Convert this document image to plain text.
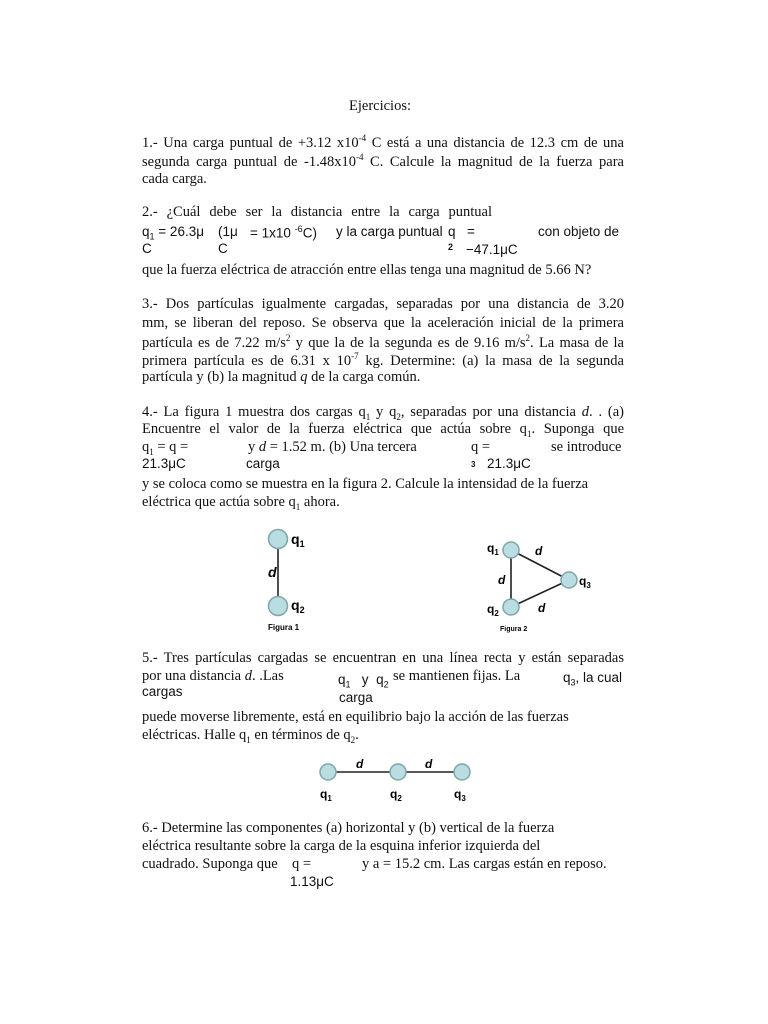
Ejercicios:
1.- Una carga puntual de +3.12 $x10^{-4}$ C está a una distancia de 12.3 cm de una
segunda carga puntual de $-1.48x10^{-4}$ C. Calcule la magnitud de la fuerza para
cada carga.
2.- ¿Cuál debe ser la distancia entre la carga puntual
$q_1 = 26.3\mu$
C
(1μ
C
= 1x10 $^{-6}$C) y la carga puntual q =
2 −47.1μC
con objeto de
que la fuerza eléctrica de atracción entre ellas tenga una magnitud de 5.66 N?
3.- Dos partículas igualmente cargadas, separadas por una distancia de 3.20
mm, se liberan del reposo. Se observa que la aceleración inicial de la primera
partícula es de 7.22 $m/s^2$ y que la de la segunda es de 9.16 $m/s^2$. La masa de la
primera partícula es de 6.31 x $10^{-7}$ kg. Determine: (a) la masa de la segunda
partícula y (b) la magnitud q de la carga común.
4.- La figura 1 muestra dos cargas $q_1$ y $q_2$, separadas por una distancia d. . (a)
Encuentre el valor de la fuerza eléctrica que actúa sobre $q_1$. Suponga que
$q_1 = q$ =	y d = 1.52 m. (b) Una tercera	q =	se introduce
21.3μC	carga	3 21.3μC
y se coloca como se muestra en la figura 2. Calcule la intensidad de la fuerza
eléctrica que actúa sobre $q_1$ ahora.
$q_1$
d
$q_2$
Figura 1
$q_1$
$q_2$
$q_3$
d
d
d
Figura 2
5.- Tres partículas cargadas se encuentran en una línea recta y están separadas
por una distancia d. .Las	$q_1$ y $q_2$
se mantienen fijas. La	$q_3$, la cual
cargas	carga
puede moverse libremente, está en equilibrio bajo la acción de las fuerzas
eléctricas. Halle $q_1$ en términos de $q_2$.
d	d
$q_1$	$q_2$	$q_3$
6.- Determine las componentes (a) horizontal y (b) vertical de la fuerza
eléctrica resultante sobre la carga de la esquina inferior izquierda del
cuadrado. Suponga que q =	y a = 15.2 cm. Las cargas están en reposo.
1.13μC
